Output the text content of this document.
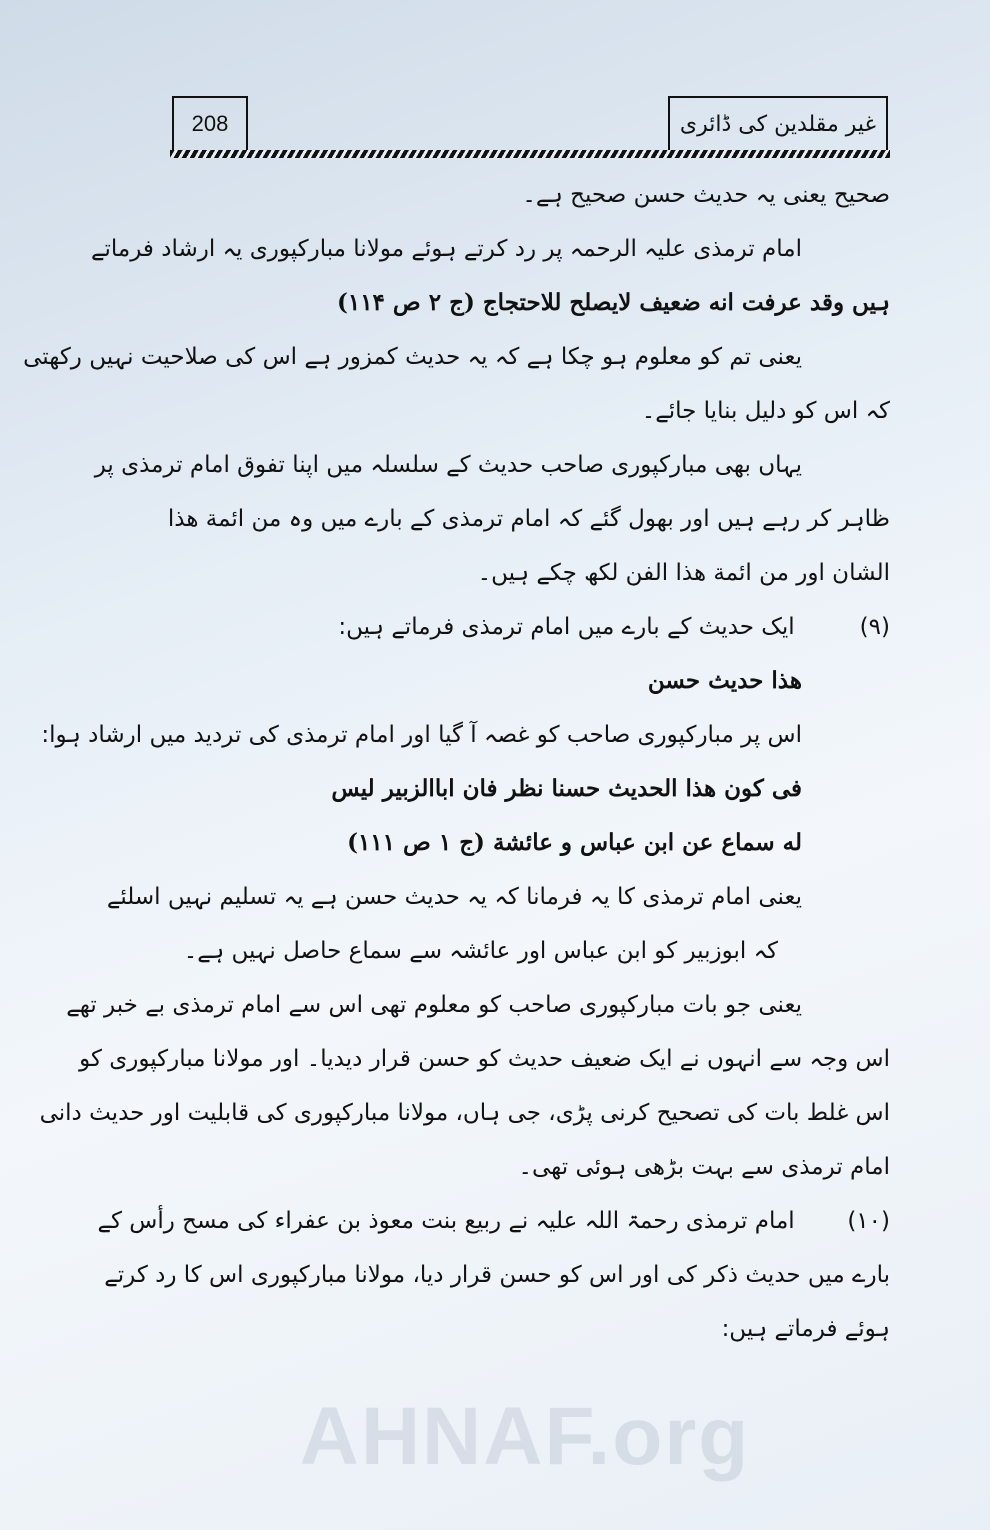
208	غیر مقلدین کی ڈائری
صحیح یعنی یہ حدیث حسن صحیح ہے۔
امام ترمذی علیہ الرحمہ پر رد کرتے ہوئے مولانا مبارکپوری یہ ارشاد فرماتے
ہیں وقد عرفت انه ضعیف لایصلح للاحتجاج (ج ۲ ص ۱۱۴)
یعنی تم کو معلوم ہو چکا ہے کہ یہ حدیث کمزور ہے اس کی صلاحیت نہیں رکھتی
کہ اس کو دلیل بنایا جائے۔
یہاں بھی مبارکپوری صاحب حدیث کے سلسلہ میں اپنا تفوق امام ترمذی پر
ظاہر کر رہے ہیں اور بھول گئے کہ امام ترمذی کے بارے میں وہ من ائمة هذا
الشان اور من ائمة هذا الفن لکھ چکے ہیں۔
(۹) ایک حدیث کے بارے میں امام ترمذی فرماتے ہیں:
هذا حدیث حسن
اس پر مبارکپوری صاحب کو غصہ آ گیا اور امام ترمذی کی تردید میں ارشاد ہوا:
فی کون هذا الحدیث حسنا نظر فان اباالزبیر لیس
له سماع عن ابن عباس و عائشة (ج ۱ ص ۱۱۱)
یعنی امام ترمذی کا یہ فرمانا کہ یہ حدیث حسن ہے یہ تسلیم نہیں اسلئے
کہ ابوزبیر کو ابن عباس اور عائشہ سے سماع حاصل نہیں ہے۔
یعنی جو بات مبارکپوری صاحب کو معلوم تھی اس سے امام ترمذی بے خبر تھے
اس وجہ سے انہوں نے ایک ضعیف حدیث کو حسن قرار دیدیا۔ اور مولانا مبارکپوری کو
اس غلط بات کی تصحیح کرنی پڑی، جی ہاں، مولانا مبارکپوری کی قابلیت اور حدیث دانی
امام ترمذی سے بہت بڑھی ہوئی تھی۔
(۱۰) امام ترمذی رحمۃ اللہ علیہ نے ربیع بنت معوذ بن عفراء کی مسح رأس کے
بارے میں حدیث ذکر کی اور اس کو حسن قرار دیا، مولانا مبارکپوری اس کا رد کرتے
ہوئے فرماتے ہیں:
AHNAF.org
